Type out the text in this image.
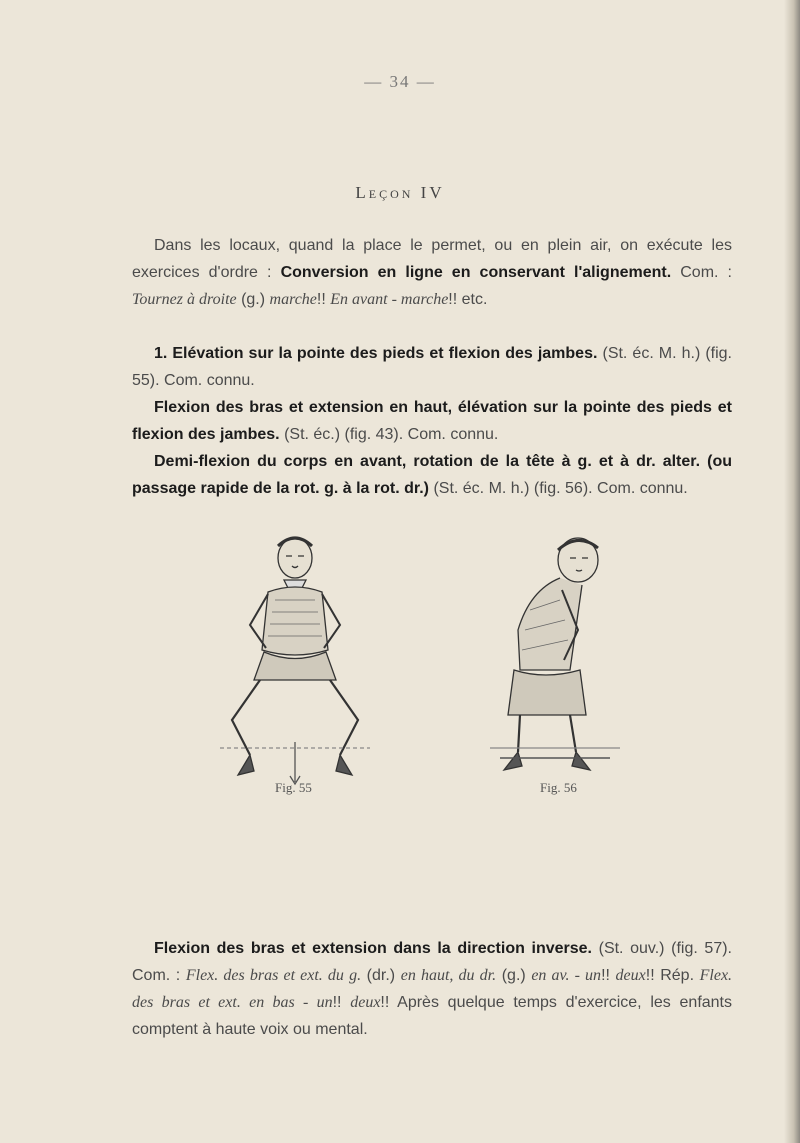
— 34 —
Leçon IV
Dans les locaux, quand la place le permet, ou en plein air, on exécute les exercices d'ordre : Conversion en ligne en conservant l'alignement. Com. : Tournez à droite (g.) marche!! En avant - marche!! etc.
1. Elévation sur la pointe des pieds et flexion des jambes. (St. éc. M. h.) (fig. 55). Com. connu.
Flexion des bras et extension en haut, élévation sur la pointe des pieds et flexion des jambes. (St. éc.) (fig. 43). Com. connu.
Demi-flexion du corps en avant, rotation de la tête à g. et à dr. alter. (ou passage rapide de la rot. g. à la rot. dr.) (St. éc. M. h.) (fig. 56). Com. connu.
Fig. 55	Fig. 56
Flexion des bras et extension dans la direction inverse. (St. ouv.) (fig. 57). Com. : Flex. des bras et ext. du g. (dr.) en haut, du dr. (g.) en av. - un!! deux!! Rép. Flex. des bras et ext. en bas - un!! deux!! Après quelque temps d'exercice, les enfants comptent à haute voix ou mental.
